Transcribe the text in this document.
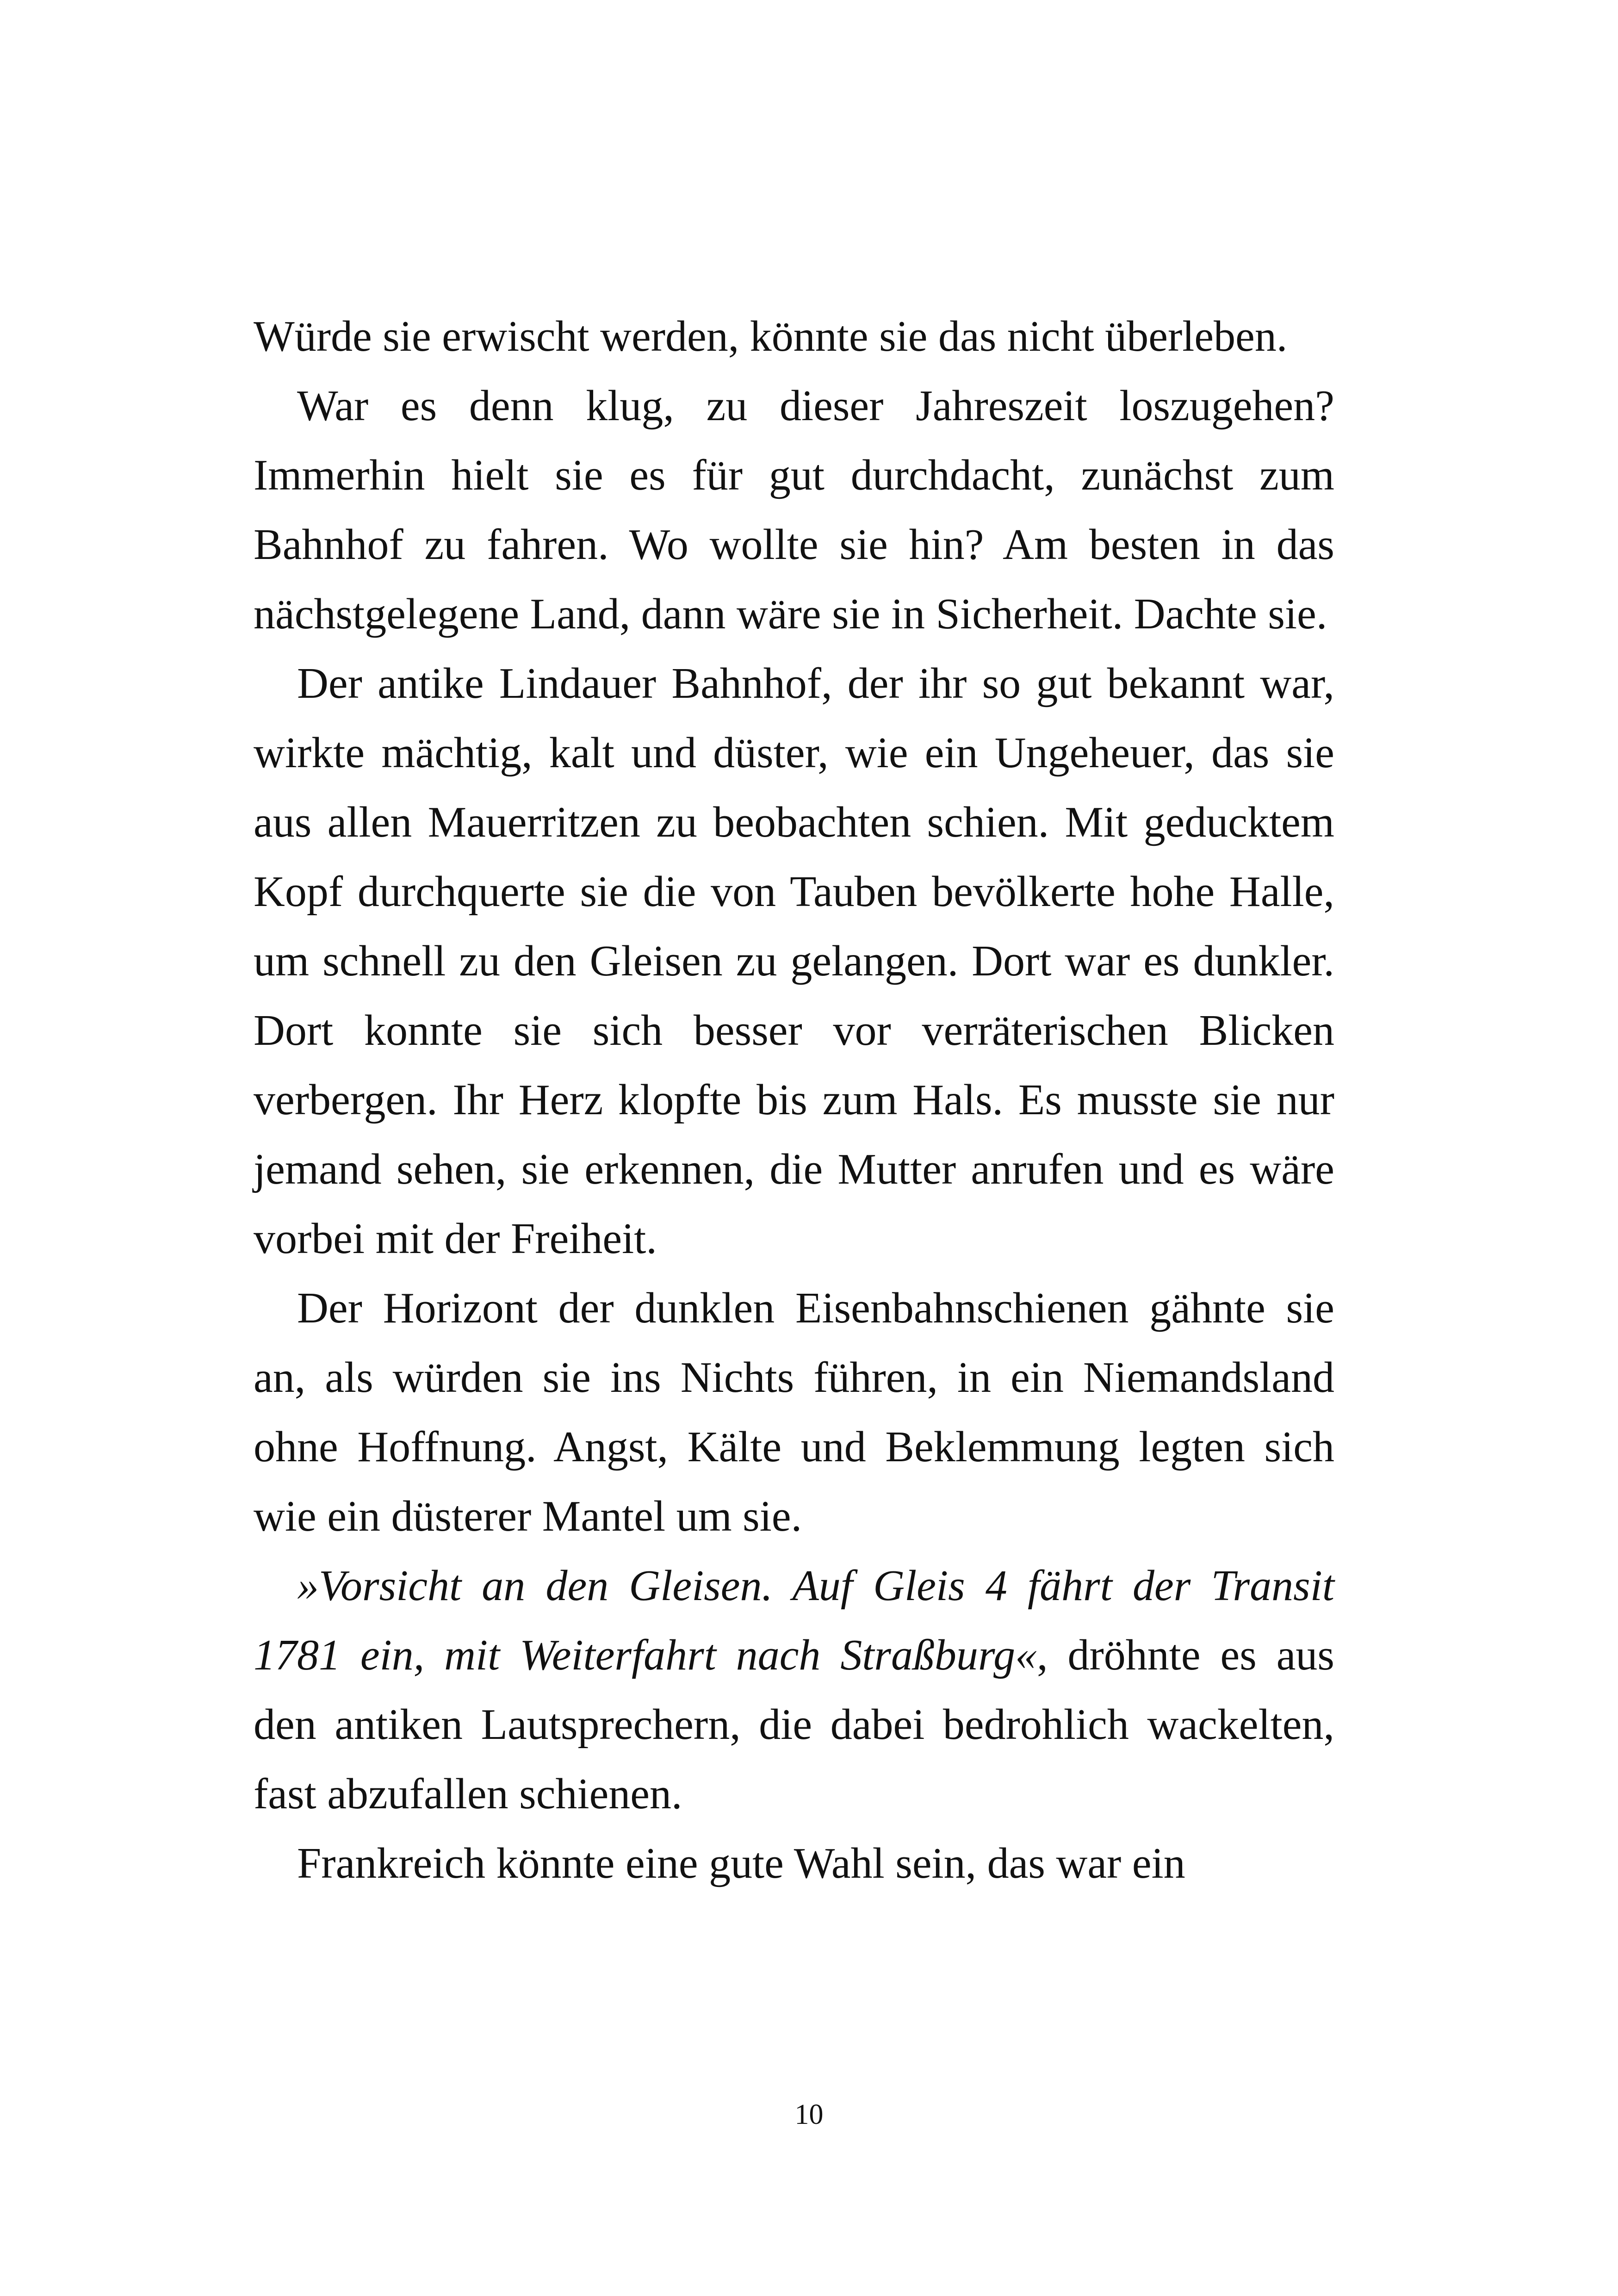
Würde sie erwischt werden, könnte sie das nicht überleben.

War es denn klug, zu dieser Jahreszeit loszugehen? Immerhin hielt sie es für gut durchdacht, zunächst zum Bahnhof zu fahren. Wo wollte sie hin? Am besten in das nächstgelegene Land, dann wäre sie in Sicherheit. Dachte sie.

Der antike Lindauer Bahnhof, der ihr so gut bekannt war, wirkte mächtig, kalt und düster, wie ein Ungeheuer, das sie aus allen Mauerritzen zu beobachten schien. Mit geducktem Kopf durchquerte sie die von Tauben bevölkerte hohe Halle, um schnell zu den Gleisen zu gelangen. Dort war es dunkler. Dort konnte sie sich besser vor verräterischen Blicken verbergen. Ihr Herz klopfte bis zum Hals. Es musste sie nur jemand sehen, sie erkennen, die Mutter anrufen und es wäre vorbei mit der Freiheit.

Der Horizont der dunklen Eisenbahnschienen gähnte sie an, als würden sie ins Nichts führen, in ein Niemandsland ohne Hoffnung. Angst, Kälte und Beklemmung legten sich wie ein düsterer Mantel um sie.

»Vorsicht an den Gleisen. Auf Gleis 4 fährt der Transit 1781 ein, mit Weiterfahrt nach Straßburg«, dröhnte es aus den antiken Lautsprechern, die dabei bedrohlich wackelten, fast abzufallen schienen.

Frankreich könnte eine gute Wahl sein, das war ein

10
